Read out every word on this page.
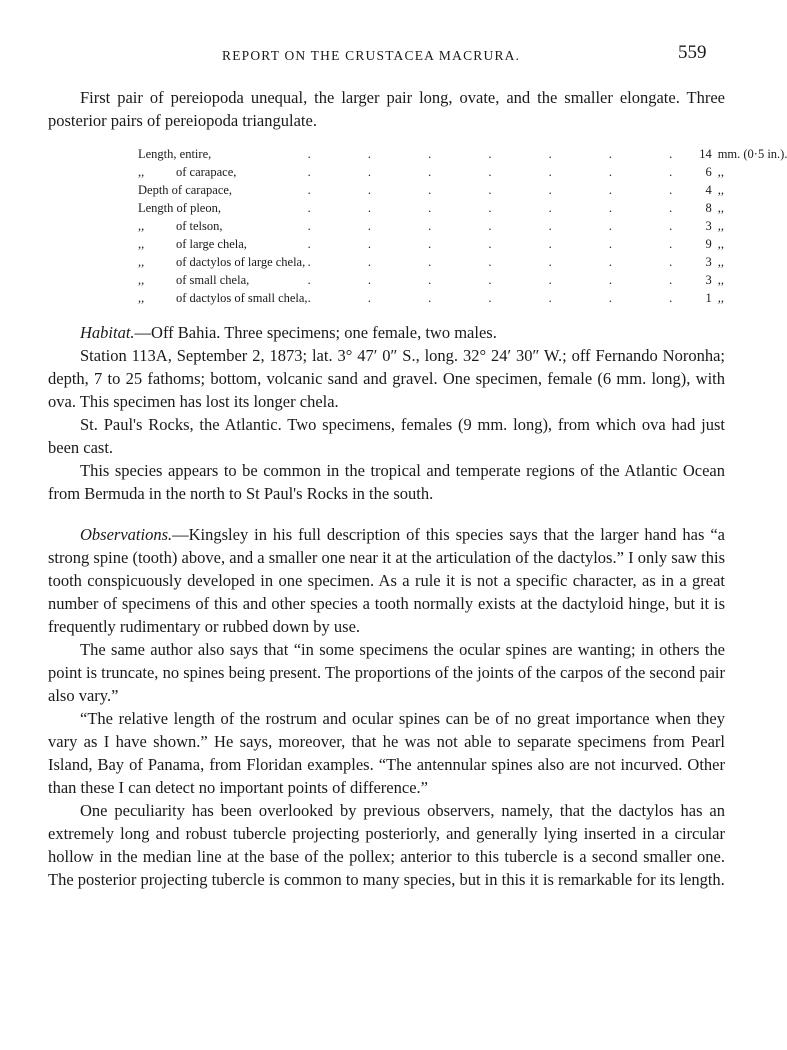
REPORT ON THE CRUSTACEA MACRURA.	559

First pair of pereiopoda unequal, the larger pair long, ovate, and the smaller elongate. Three posterior pairs of pereiopoda triangulate.

Length, entire,	. . . . . . .	14	mm. (0·5 in.).
,, of carapace,	. . . . . . .	6	,,
Depth of carapace,	. . . . . . .	4	,,
Length of pleon,	. . . . . . .	8	,,
,, of telson,	. . . . . . .	3	,,
,, of large chela,	. . . . . . .	9	,,
,, of dactylos of large chela,	. . . . . . .	3	,,
,, of small chela,	. . . . . . .	3	,,
,, of dactylos of small chela,	. . . . . . .	1	,,

Habitat.—Off Bahia. Three specimens; one female, two males.

Station 113A, September 2, 1873; lat. 3° 47′ 0″ S., long. 32° 24′ 30″ W.; off Fernando Noronha; depth, 7 to 25 fathoms; bottom, volcanic sand and gravel. One specimen, female (6 mm. long), with ova. This specimen has lost its longer chela.

St. Paul's Rocks, the Atlantic. Two specimens, females (9 mm. long), from which ova had just been cast.

This species appears to be common in the tropical and temperate regions of the Atlantic Ocean from Bermuda in the north to St Paul's Rocks in the south.

Observations.—Kingsley in his full description of this species says that the larger hand has “a strong spine (tooth) above, and a smaller one near it at the articulation of the dactylos.” I only saw this tooth conspicuously developed in one specimen. As a rule it is not a specific character, as in a great number of specimens of this and other species a tooth normally exists at the dactyloid hinge, but it is frequently rudimentary or rubbed down by use.

The same author also says that “in some specimens the ocular spines are wanting; in others the point is truncate, no spines being present. The proportions of the joints of the carpos of the second pair also vary.”

“The relative length of the rostrum and ocular spines can be of no great importance when they vary as I have shown.” He says, moreover, that he was not able to separate specimens from Pearl Island, Bay of Panama, from Floridan examples. “The antennular spines also are not incurved. Other than these I can detect no important points of difference.”

One peculiarity has been overlooked by previous observers, namely, that the dactylos has an extremely long and robust tubercle projecting posteriorly, and generally lying inserted in a circular hollow in the median line at the base of the pollex; anterior to this tubercle is a second smaller one. The posterior projecting tubercle is common to many species, but in this it is remarkable for its length.
